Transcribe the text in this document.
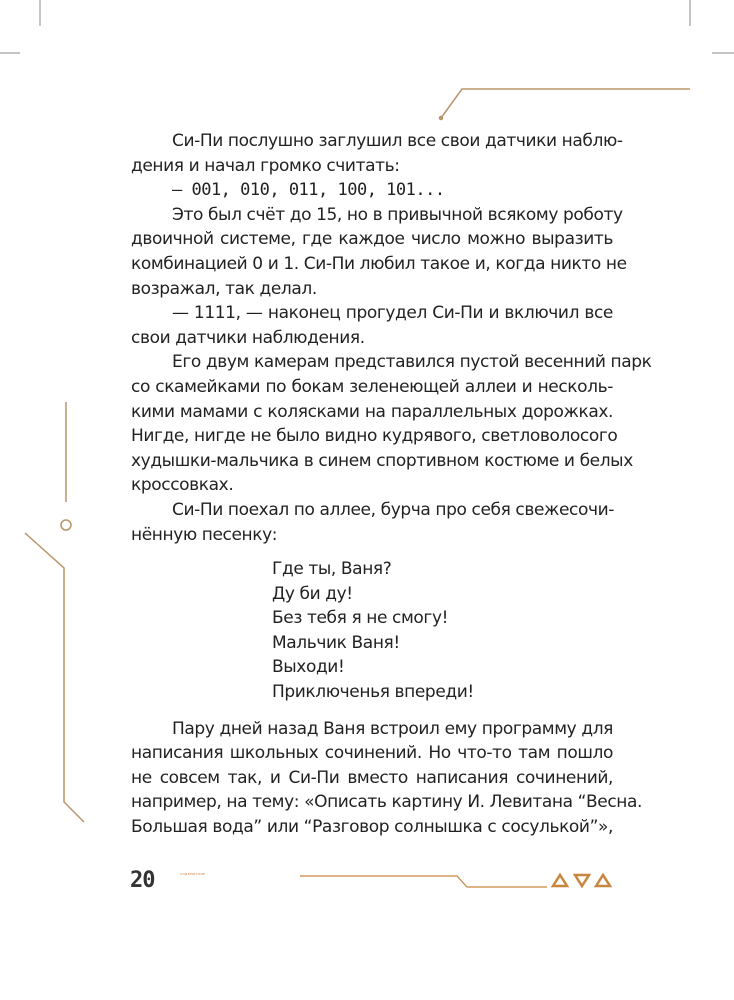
Си-Пи послушно заглушил все свои датчики наблю-
дения и начал громко считать:
— 001, 010, 011, 100, 101...
Это был счёт до 15, но в привычной всякому роботу
двоичной системе, где каждое число можно выразить
комбинацией 0 и 1. Си-Пи любил такое и, когда никто не
возражал, так делал.
— 1111, — наконец прогудел Си-Пи и включил все
свои датчики наблюдения.
Его двум камерам представился пустой весенний парк
со скамейками по бокам зеленеющей аллеи и несколь-
кими мамами с колясками на параллельных дорожках.
Нигде, нигде не было видно кудрявого, светловолосого
худышки-мальчика в синем спортивном костюме и белых
кроссовках.
Си-Пи поехал по аллее, бурча про себя свежесочи-
нённую песенку:
Где ты, Ваня?
Ду би ду!
Без тебя я не смогу!
Мальчик Ваня!
Выходи!
Приключенья впереди!
Пару дней назад Ваня встроил ему программу для
написания школьных сочинений. Но что-то там пошло
не совсем так, и Си-Пи вместо написания сочинений,
например, на тему: «Описать картину И. Левитана “Весна.
Большая вода” или “Разговор солнышка с сосулькой”»,
СОДЕРЖАНИЕ
20
